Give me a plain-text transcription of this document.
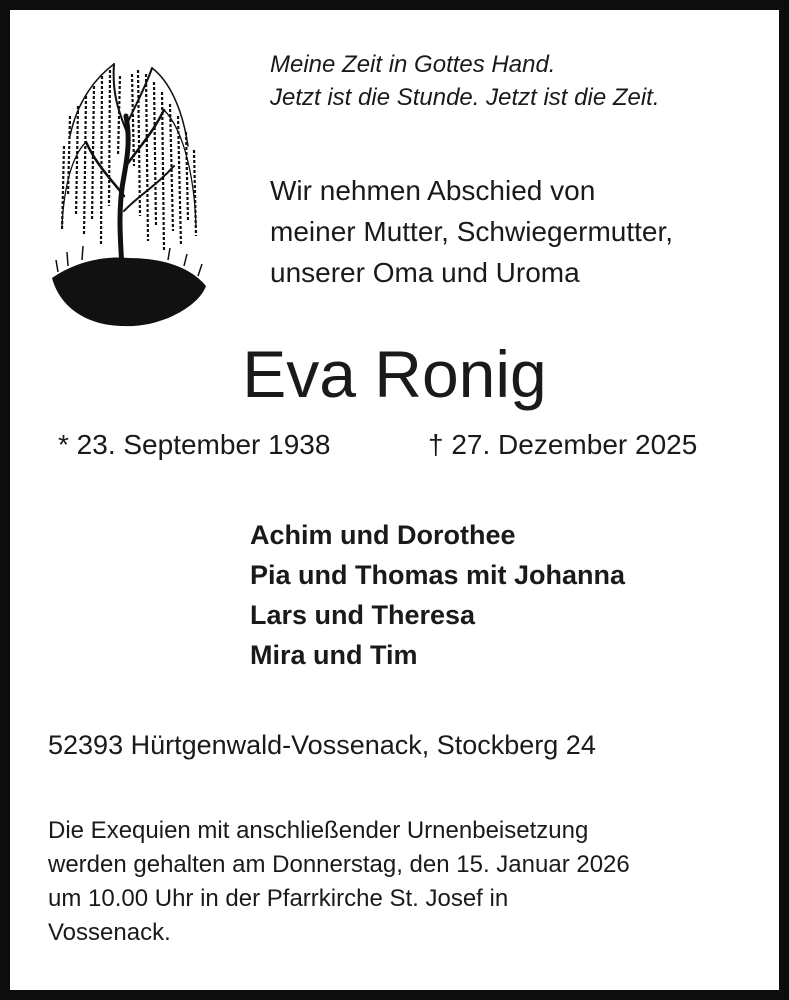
Meine Zeit in Gottes Hand.
Jetzt ist die Stunde. Jetzt ist die Zeit.
Wir nehmen Abschied von
meiner Mutter, Schwiegermutter,
unserer Oma und Uroma
Eva Ronig
* 23. September 1938	† 27. Dezember 2025
Achim und Dorothee
Pia und Thomas mit Johanna
Lars und Theresa
Mira und Tim
52393 Hürtgenwald-Vossenack, Stockberg 24
Die Exequien mit anschließender Urnenbeisetzung
werden gehalten am Donnerstag, den 15. Januar 2026
um 10.00 Uhr in der Pfarrkirche St. Josef in
Vossenack.
